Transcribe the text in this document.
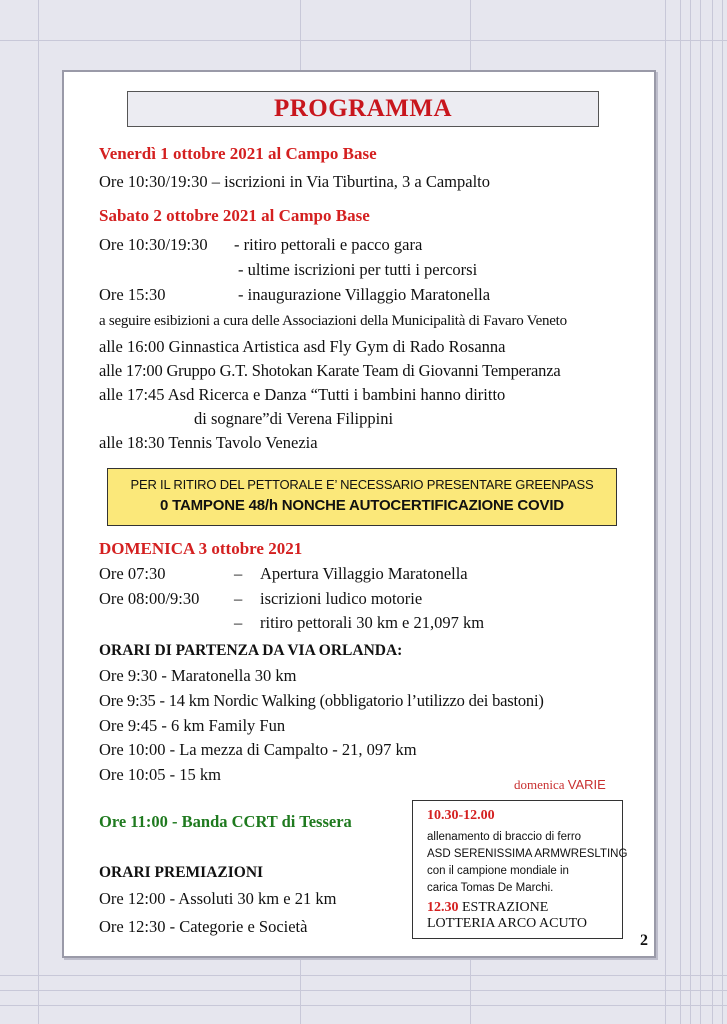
PROGRAMMA
Venerdì 1 ottobre 2021 al Campo Base
Ore 10:30/19:30 – iscrizioni in Via Tiburtina, 3 a Campalto
Sabato 2 ottobre 2021 al Campo Base
Ore 10:30/19:30 - ritiro pettorali e pacco gara
- ultime iscrizioni per tutti i percorsi
Ore 15:30	- inaugurazione Villaggio Maratonella
a seguire esibizioni a cura delle Associazioni della Municipalità di Favaro Veneto
alle 16:00 Ginnastica Artistica asd Fly Gym di Rado Rosanna
alle 17:00 Gruppo G.T. Shotokan Karate Team di Giovanni Temperanza
alle 17:45 Asd Ricerca e Danza “Tutti i bambini hanno diritto
di sognare”di Verena Filippini
alle 18:30 Tennis Tavolo Venezia
PER IL RITIRO DEL PETTORALE E’ NECESSARIO PRESENTARE GREENPASS
0 TAMPONE 48/h NONCHE AUTOCERTIFICAZIONE COVID
DOMENICA 3 ottobre 2021
Ore 07:30	– Apertura Villaggio Maratonella
Ore 08:00/9:30 – iscrizioni ludico motorie
– ritiro pettorali 30 km e 21,097 km
ORARI DI PARTENZA DA VIA ORLANDA:
Ore 9:30 - Maratonella 30 km
Ore 9:35 - 14 km Nordic Walking (obbligatorio l’utilizzo dei bastoni)
Ore 9:45 - 6 km Family Fun
Ore 10:00 - La mezza di Campalto - 21, 097 km
Ore 10:05 - 15 km
Ore 11:00 - Banda CCRT di Tessera
ORARI PREMIAZIONI
Ore 12:00 - Assoluti 30 km e 21 km
Ore 12:30 - Categorie e Società
domenica VARIE
10.30-12.00
allenamento di braccio di ferro
ASD SERENISSIMA ARMWRESLTING
con il campione mondiale in
carica Tomas De Marchi.
12.30 ESTRAZIONE
LOTTERIA ARCO ACUTO
2
